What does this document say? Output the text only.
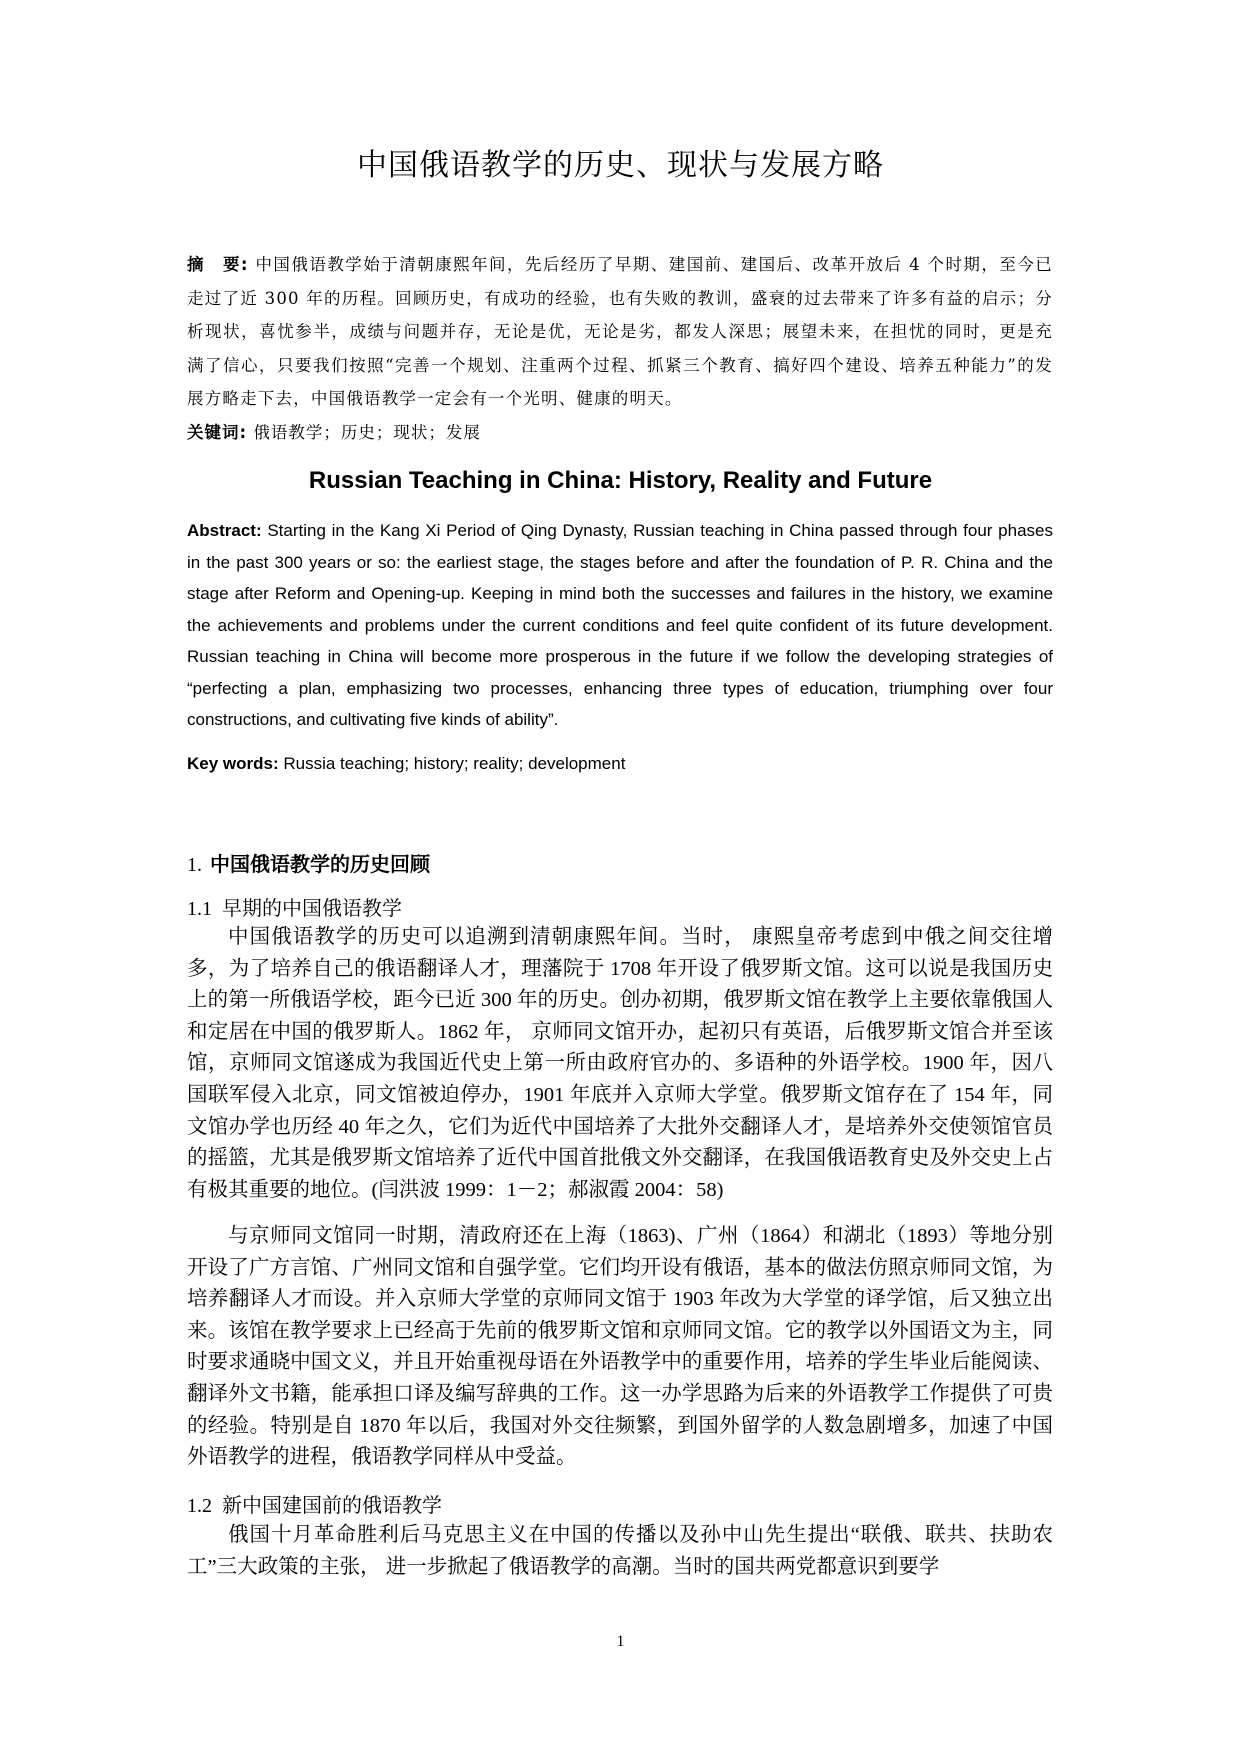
中国俄语教学的历史、现状与发展方略
摘　要: 中国俄语教学始于清朝康熙年间，先后经历了早期、建国前、建国后、改革开放后 4 个时期，至今已走过了近 300 年的历程。回顾历史，有成功的经验，也有失败的教训，盛衰的过去带来了许多有益的启示；分析现状，喜忧参半，成绩与问题并存，无论是优，无论是劣，都发人深思；展望未来，在担忧的同时，更是充满了信心，只要我们按照“完善一个规划、注重两个过程、抓紧三个教育、搞好四个建设、培养五种能力”的发展方略走下去，中国俄语教学一定会有一个光明、健康的明天。
关键词: 俄语教学；历史；现状；发展
Russian Teaching in China: History, Reality and Future
Abstract: Starting in the Kang Xi Period of Qing Dynasty, Russian teaching in China passed through four phases in the past 300 years or so: the earliest stage, the stages before and after the foundation of P. R. China and the stage after Reform and Opening-up. Keeping in mind both the successes and failures in the history, we examine the achievements and problems under the current conditions and feel quite confident of its future development. Russian teaching in China will become more prosperous in the future if we follow the developing strategies of “perfecting a plan, emphasizing two processes, enhancing three types of education, triumphing over four constructions, and cultivating five kinds of ability”.
Key words: Russia teaching; history; reality; development
1. 中国俄语教学的历史回顾
1.1 早期的中国俄语教学

中国俄语教学的历史可以追溯到清朝康熙年间。当时， 康熙皇帝考虑到中俄之间交往增多，为了培养自己的俄语翻译人才，理藩院于 1708 年开设了俄罗斯文馆。这可以说是我国历史上的第一所俄语学校，距今已近 300 年的历史。创办初期，俄罗斯文馆在教学上主要依靠俄国人和定居在中国的俄罗斯人。1862 年， 京师同文馆开办，起初只有英语，后俄罗斯文馆合并至该馆，京师同文馆遂成为我国近代史上第一所由政府官办的、多语种的外语学校。1900 年，因八国联军侵入北京，同文馆被迫停办，1901 年底并入京师大学堂。俄罗斯文馆存在了 154 年，同文馆办学也历经 40 年之久，它们为近代中国培养了大批外交翻译人才，是培养外交使领馆官员的摇篮，尤其是俄罗斯文馆培养了近代中国首批俄文外交翻译，在我国俄语教育史及外交史上占有极其重要的地位。(闫洪波 1999：1－2；郝淑霞 2004：58)

与京师同文馆同一时期，清政府还在上海（1863)、广州（1864）和湖北（1893）等地分别开设了广方言馆、广州同文馆和自强学堂。它们均开设有俄语，基本的做法仿照京师同文馆，为培养翻译人才而设。并入京师大学堂的京师同文馆于 1903 年改为大学堂的译学馆，后又独立出来。该馆在教学要求上已经高于先前的俄罗斯文馆和京师同文馆。它的教学以外国语文为主，同时要求通晓中国文义，并且开始重视母语在外语教学中的重要作用，培养的学生毕业后能阅读、翻译外文书籍，能承担口译及编写辞典的工作。这一办学思路为后来的外语教学工作提供了可贵的经验。特别是自 1870 年以后，我国对外交往频繁，到国外留学的人数急剧增多，加速了中国外语教学的进程，俄语教学同样从中受益。

1.2 新中国建国前的俄语教学

俄国十月革命胜利后马克思主义在中国的传播以及孙中山先生提出“联俄、联共、扶助农工”三大政策的主张， 进一步掀起了俄语教学的高潮。当时的国共两党都意识到要学

1
